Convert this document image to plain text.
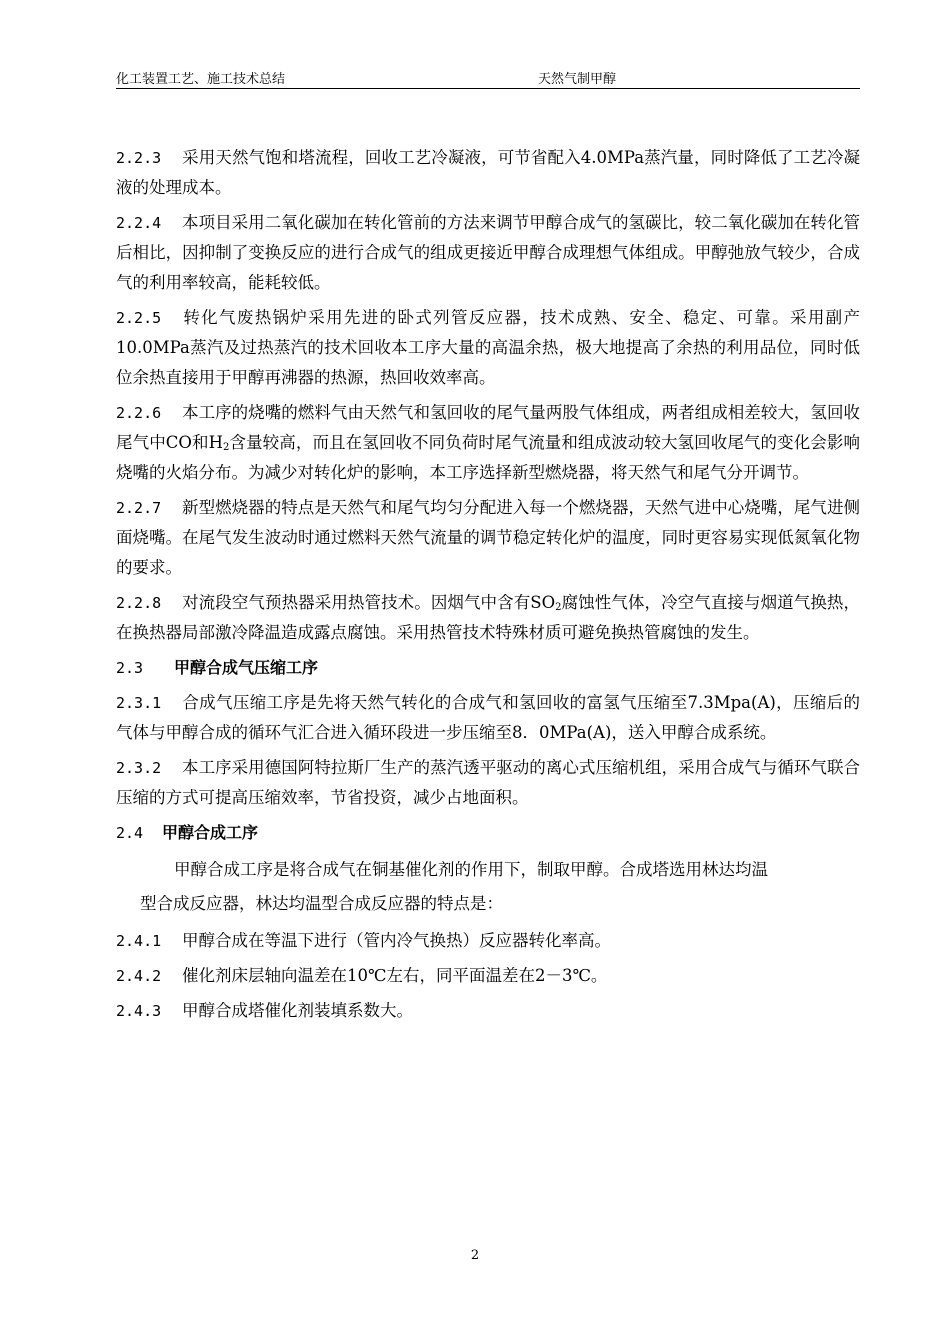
化工装置工艺、施工技术总结	天然气制甲醇

2.2.3 采用天然气饱和塔流程，回收工艺冷凝液，可节省配入4.0MPa蒸汽量，同时降低了工艺冷凝液的处理成本。

2.2.4 本项目采用二氧化碳加在转化管前的方法来调节甲醇合成气的氢碳比，较二氧化碳加在转化管后相比，因抑制了变换反应的进行合成气的组成更接近甲醇合成理想气体组成。甲醇弛放气较少，合成气的利用率较高，能耗较低。

2.2.5 转化气废热锅炉采用先进的卧式列管反应器，技术成熟、安全、稳定、可靠。采用副产10.0MPa蒸汽及过热蒸汽的技术回收本工序大量的高温余热，极大地提高了余热的利用品位，同时低位余热直接用于甲醇再沸器的热源，热回收效率高。

2.2.6 本工序的烧嘴的燃料气由天然气和氢回收的尾气量两股气体组成，两者组成相差较大，氢回收尾气中CO和$H_2$含量较高，而且在氢回收不同负荷时尾气流量和组成波动较大氢回收尾气的变化会影响烧嘴的火焰分布。为减少对转化炉的影响，本工序选择新型燃烧器，将天然气和尾气分开调节。

2.2.7 新型燃烧器的特点是天然气和尾气均匀分配进入每一个燃烧器，天然气进中心烧嘴，尾气进侧面烧嘴。在尾气发生波动时通过燃料天然气流量的调节稳定转化炉的温度，同时更容易实现低氮氧化物的要求。

2.2.8 对流段空气预热器采用热管技术。因烟气中含有$SO_2$腐蚀性气体，冷空气直接与烟道气换热，在换热器局部激冷降温造成露点腐蚀。采用热管技术特殊材质可避免换热管腐蚀的发生。

2.3 甲醇合成气压缩工序

2.3.1 合成气压缩工序是先将天然气转化的合成气和氢回收的富氢气压缩至7.3Mpa(A)，压缩后的气体与甲醇合成的循环气汇合进入循环段进一步压缩至8．0MPa(A)，送入甲醇合成系统。

2.3.2 本工序采用德国阿特拉斯厂生产的蒸汽透平驱动的离心式压缩机组，采用合成气与循环气联合压缩的方式可提高压缩效率，节省投资，减少占地面积。

2.4 甲醇合成工序

甲醇合成工序是将合成气在铜基催化剂的作用下，制取甲醇。合成塔选用林达均温
型合成反应器，林达均温型合成反应器的特点是：

2.4.1 甲醇合成在等温下进行（管内冷气换热）反应器转化率高。

2.4.2 催化剂床层轴向温差在10℃左右，同平面温差在2－3℃。

2.4.3 甲醇合成塔催化剂装填系数大。

2
